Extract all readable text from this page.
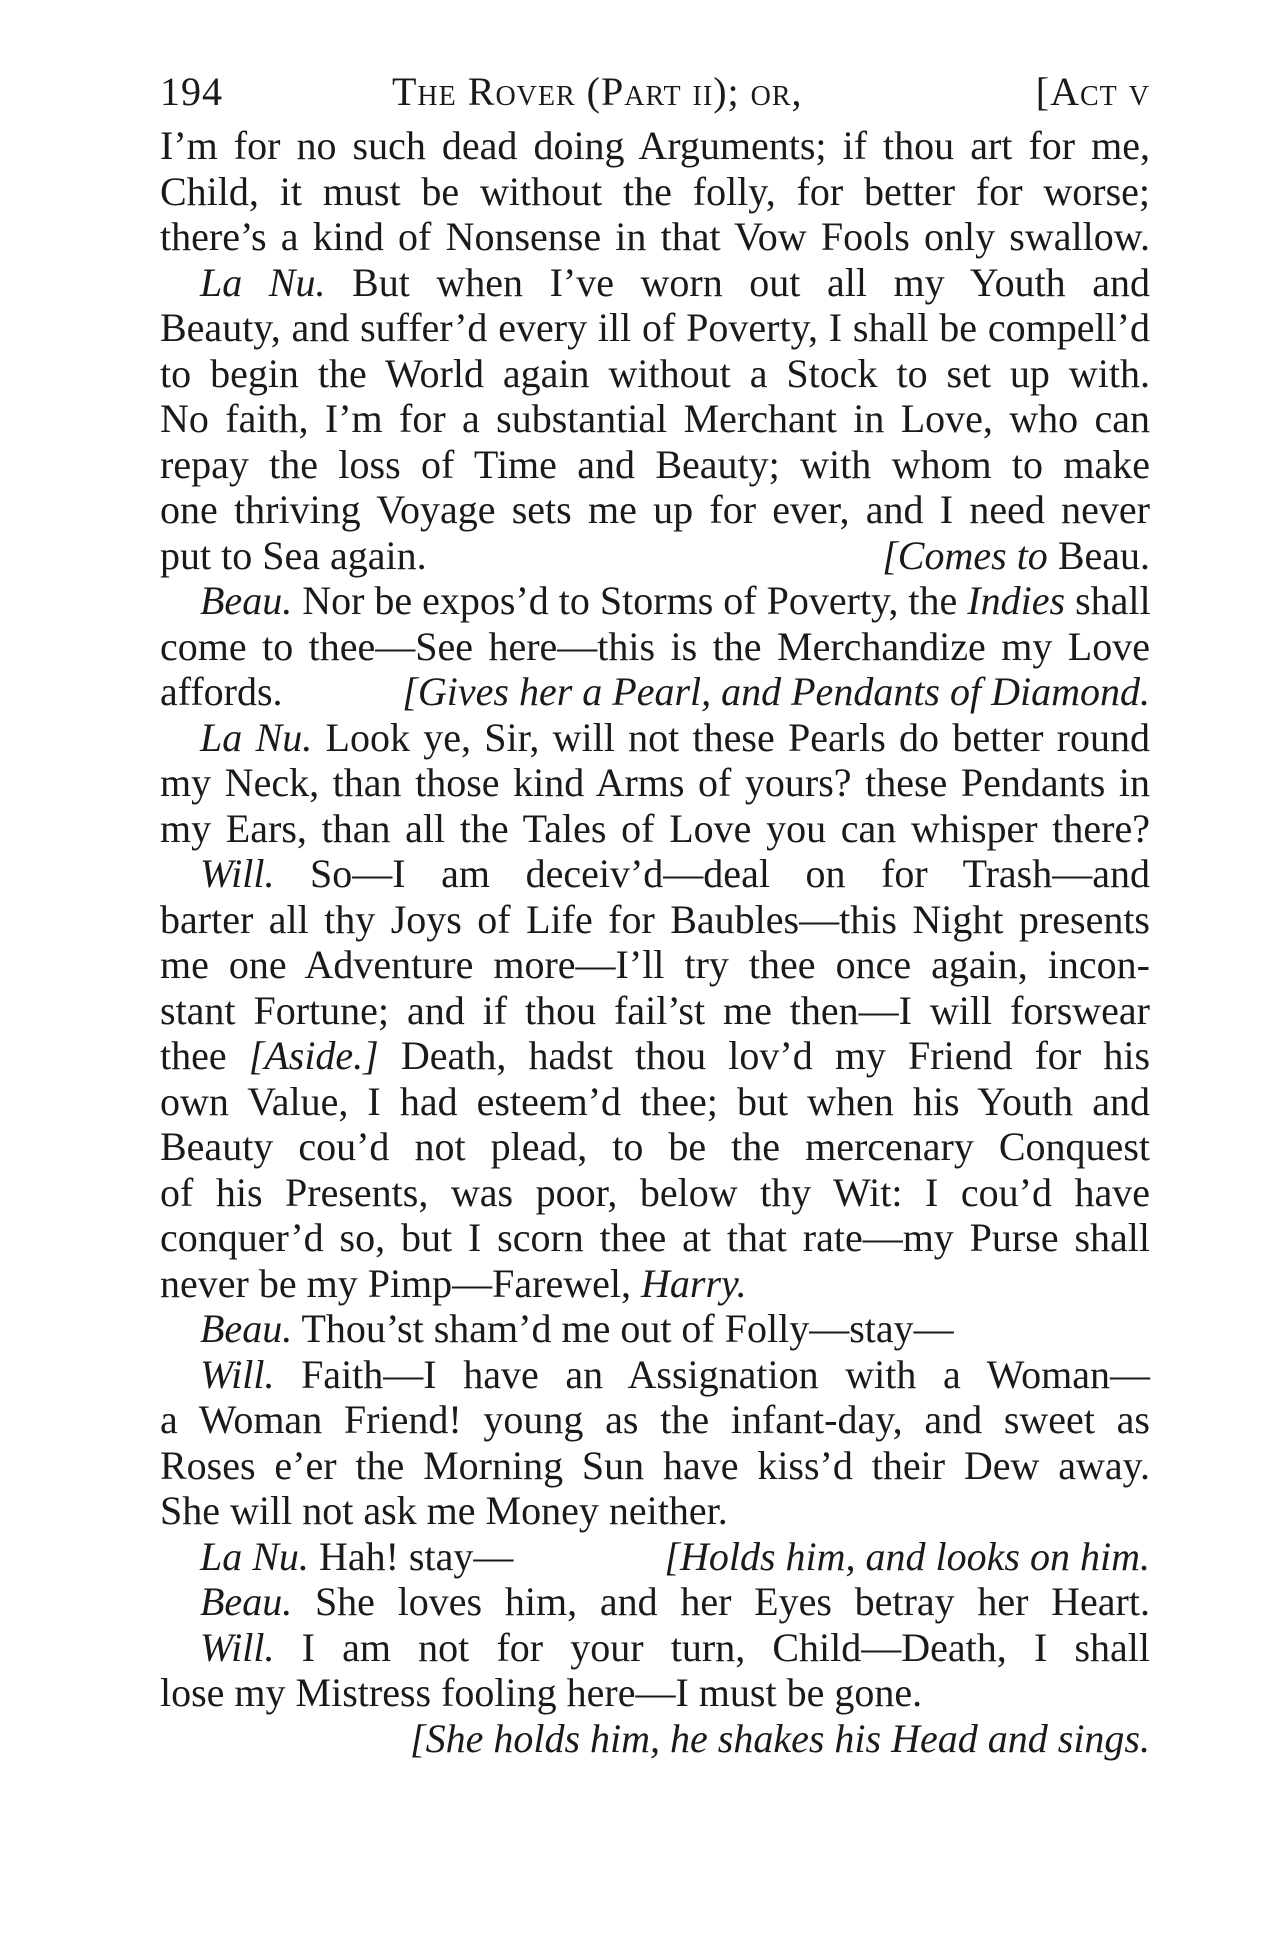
194	The Rover (Part ii); or,	[Act v
I’m for no such dead doing Arguments; if thou art for me,
Child, it must be without the folly, for better for worse;
there’s a kind of Nonsense in that Vow Fools only swallow.
La Nu. But when I’ve worn out all my Youth and
Beauty, and suffer’d every ill of Poverty, I shall be compell’d
to begin the World again without a Stock to set up with.
No faith, I’m for a substantial Merchant in Love, who can
repay the loss of Time and Beauty; with whom to make
one thriving Voyage sets me up for ever, and I need never
put to Sea again.	[Comes to Beau.
Beau. Nor be expos’d to Storms of Poverty, the Indies shall
come to thee—See here—this is the Merchandize my Love
affords.	[Gives her a Pearl, and Pendants of Diamond.
La Nu. Look ye, Sir, will not these Pearls do better round
my Neck, than those kind Arms of yours? these Pendants in
my Ears, than all the Tales of Love you can whisper there?
Will. So—I am deceiv’d—deal on for Trash—and
barter all thy Joys of Life for Baubles—this Night presents
me one Adventure more—I’ll try thee once again, incon-
stant Fortune; and if thou fail’st me then—I will forswear
thee [Aside.] Death, hadst thou lov’d my Friend for his
own Value, I had esteem’d thee; but when his Youth and
Beauty cou’d not plead, to be the mercenary Conquest
of his Presents, was poor, below thy Wit: I cou’d have
conquer’d so, but I scorn thee at that rate—my Purse shall
never be my Pimp—Farewel, Harry.
Beau. Thou’st sham’d me out of Folly—stay—
Will. Faith—I have an Assignation with a Woman—
a Woman Friend! young as the infant-day, and sweet as
Roses e’er the Morning Sun have kiss’d their Dew away.
She will not ask me Money neither.
La Nu. Hah! stay—	[Holds him, and looks on him.
Beau. She loves him, and her Eyes betray her Heart.
Will. I am not for your turn, Child—Death, I shall
lose my Mistress fooling here—I must be gone.
[She holds him, he shakes his Head and sings.
